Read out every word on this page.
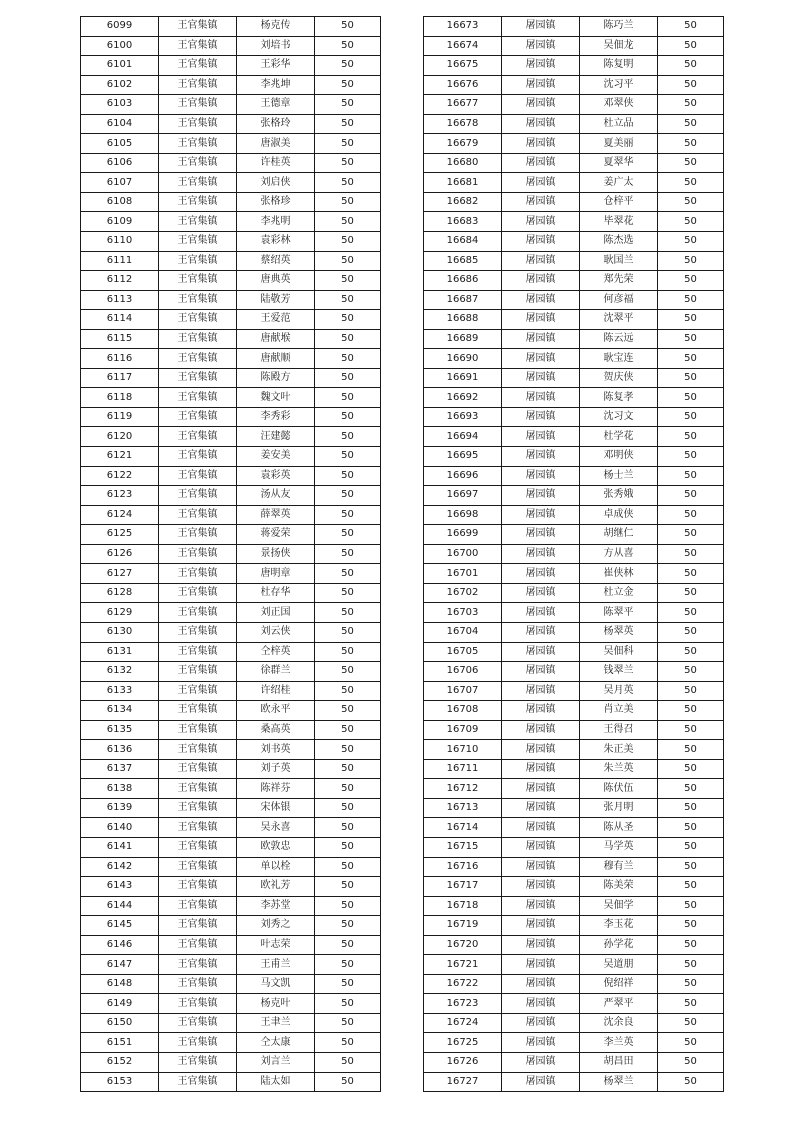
6099	王官集镇	杨克传	50
6100	王官集镇	刘培书	50
6101	王官集镇	王彩华	50
6102	王官集镇	李兆坤	50
6103	王官集镇	王德章	50
6104	王官集镇	张格玲	50
6105	王官集镇	唐淑美	50
6106	王官集镇	许桂英	50
6107	王官集镇	刘启侠	50
6108	王官集镇	张格珍	50
6109	王官集镇	李兆明	50
6110	王官集镇	袁彩林	50
6111	王官集镇	蔡绍英	50
6112	王官集镇	唐典英	50
6113	王官集镇	陆敬芳	50
6114	王官集镇	王爱范	50
6115	王官集镇	唐献堠	50
6116	王官集镇	唐献顺	50
6117	王官集镇	陈殿方	50
6118	王官集镇	魏文叶	50
6119	王官集镇	李秀彩	50
6120	王官集镇	汪建懿	50
6121	王官集镇	姜安美	50
6122	王官集镇	袁彩英	50
6123	王官集镇	汤从友	50
6124	王官集镇	薛翠英	50
6125	王官集镇	蒋爱荣	50
6126	王官集镇	景扬侠	50
6127	王官集镇	唐明章	50
6128	王官集镇	杜存华	50
6129	王官集镇	刘正国	50
6130	王官集镇	刘云侠	50
6131	王官集镇	仝梓英	50
6132	王官集镇	徐群兰	50
6133	王官集镇	许绍桂	50
6134	王官集镇	欧永平	50
6135	王官集镇	桑高英	50
6136	王官集镇	刘书英	50
6137	王官集镇	刘子英	50
6138	王官集镇	陈祥芬	50
6139	王官集镇	宋体银	50
6140	王官集镇	吴永喜	50
6141	王官集镇	欧敦忠	50
6142	王官集镇	单以栓	50
6143	王官集镇	欧礼芳	50
6144	王官集镇	李苏堂	50
6145	王官集镇	刘秀之	50
6146	王官集镇	叶志荣	50
6147	王官集镇	王甫兰	50
6148	王官集镇	马文凯	50
6149	王官集镇	杨克叶	50
6150	王官集镇	王聿兰	50
6151	王官集镇	仝太康	50
6152	王官集镇	刘言兰	50
6153	王官集镇	陆太如	50
16673	屠园镇	陈巧兰	50
16674	屠园镇	吴佃龙	50
16675	屠园镇	陈复明	50
16676	屠园镇	沈习平	50
16677	屠园镇	邓翠侠	50
16678	屠园镇	杜立品	50
16679	屠园镇	夏美丽	50
16680	屠园镇	夏翠华	50
16681	屠园镇	姜广太	50
16682	屠园镇	仓梓平	50
16683	屠园镇	毕翠花	50
16684	屠园镇	陈杰选	50
16685	屠园镇	耿国兰	50
16686	屠园镇	郑先荣	50
16687	屠园镇	何彦福	50
16688	屠园镇	沈翠平	50
16689	屠园镇	陈云远	50
16690	屠园镇	耿宝连	50
16691	屠园镇	贺庆侠	50
16692	屠园镇	陈复孝	50
16693	屠园镇	沈习文	50
16694	屠园镇	杜学花	50
16695	屠园镇	邓明侠	50
16696	屠园镇	杨士兰	50
16697	屠园镇	张秀娥	50
16698	屠园镇	卓成侠	50
16699	屠园镇	胡继仁	50
16700	屠园镇	方从喜	50
16701	屠园镇	崔侠林	50
16702	屠园镇	杜立金	50
16703	屠园镇	陈翠平	50
16704	屠园镇	杨翠英	50
16705	屠园镇	吴佃科	50
16706	屠园镇	钱翠兰	50
16707	屠园镇	吴月英	50
16708	屠园镇	肖立美	50
16709	屠园镇	王得召	50
16710	屠园镇	朱正美	50
16711	屠园镇	朱兰英	50
16712	屠园镇	陈伏伍	50
16713	屠园镇	张月明	50
16714	屠园镇	陈从圣	50
16715	屠园镇	马学英	50
16716	屠园镇	穆有兰	50
16717	屠园镇	陈美荣	50
16718	屠园镇	吴佃学	50
16719	屠园镇	李玉花	50
16720	屠园镇	孙学花	50
16721	屠园镇	吴道朋	50
16722	屠园镇	倪绍祥	50
16723	屠园镇	严翠平	50
16724	屠园镇	沈余良	50
16725	屠园镇	李兰英	50
16726	屠园镇	胡昌田	50
16727	屠园镇	杨翠兰	50
